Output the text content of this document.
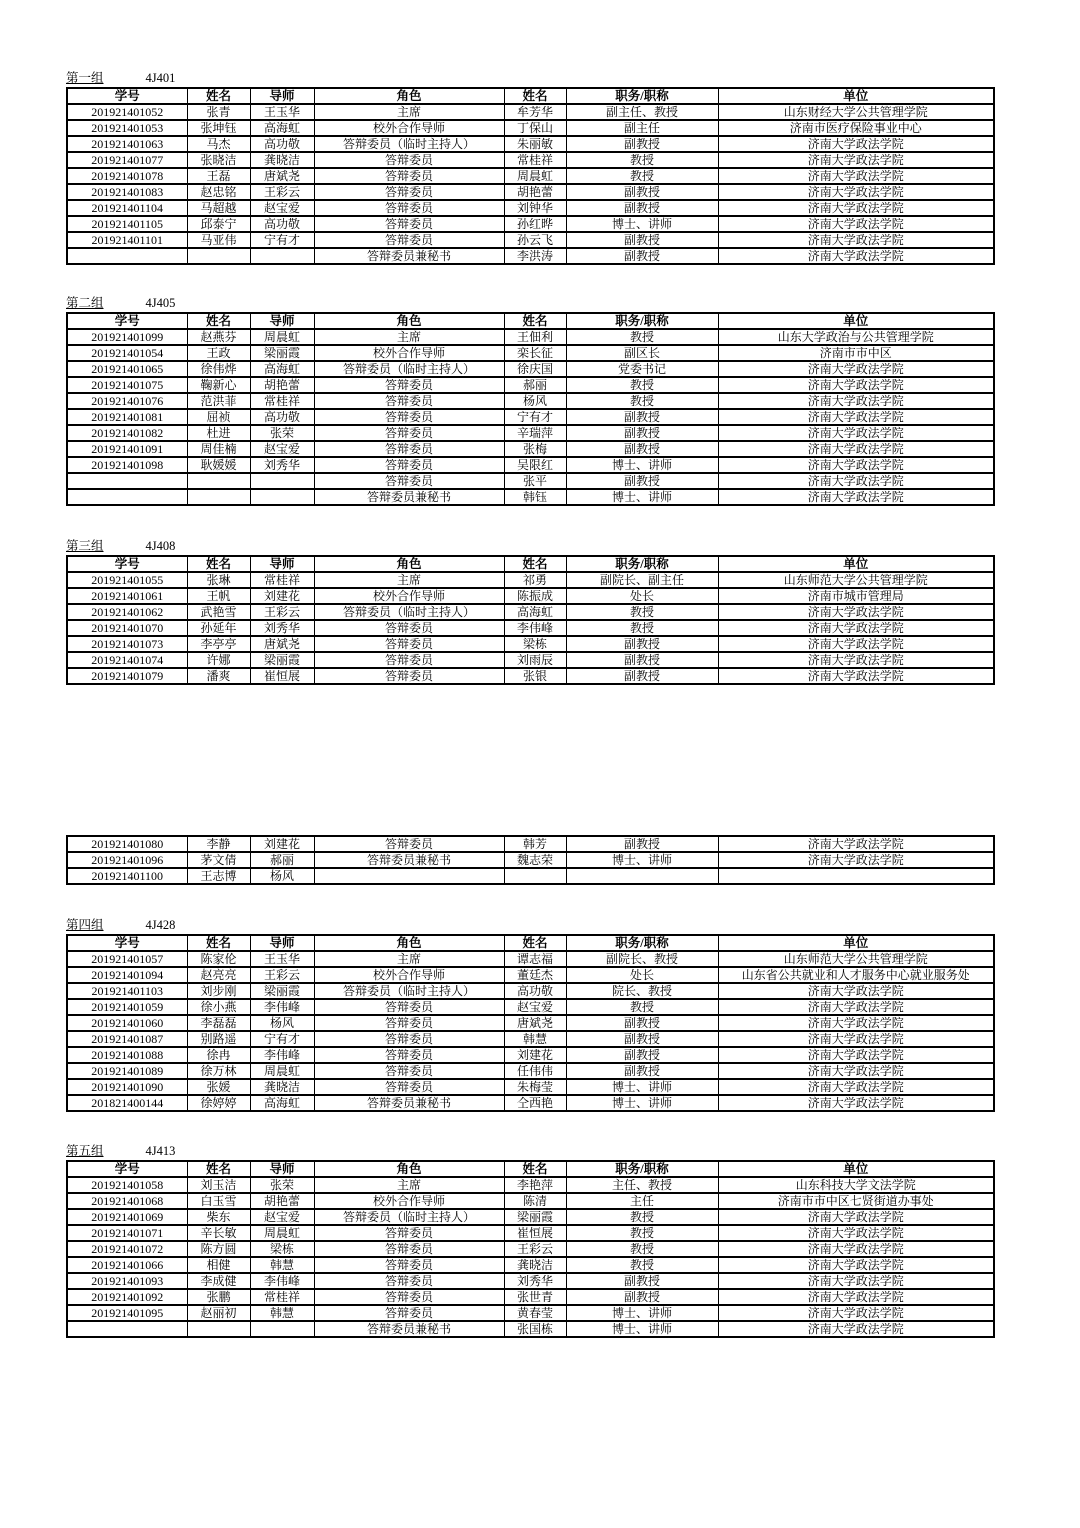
第一组	4J401

学号	姓名	导师	角色	姓名	职务/职称	单位
201921401052	张青	王玉华	主席	牟芳华	副主任、教授	山东财经大学公共管理学院
201921401053	张坤钰	高海虹	校外合作导师	丁保山	副主任	济南市医疗保险事业中心
201921401063	马杰	高功敬	答辩委员（临时主持人）	朱丽敏	副教授	济南大学政法学院
201921401077	张晓洁	龚晓洁	答辩委员	常桂祥	教授	济南大学政法学院
201921401078	王磊	唐斌尧	答辩委员	周晨虹	教授	济南大学政法学院
201921401083	赵忠铭	王彩云	答辩委员	胡艳蕾	副教授	济南大学政法学院
201921401104	马超越	赵宝爱	答辩委员	刘钟华	副教授	济南大学政法学院
201921401105	邱泰宁	高功敬	答辩委员	孙红晔	博士、讲师	济南大学政法学院
201921401101	马亚伟	宁有才	答辩委员	孙云飞	副教授	济南大学政法学院
			答辩委员兼秘书	李洪涛	副教授	济南大学政法学院

第二组	4J405

学号	姓名	导师	角色	姓名	职务/职称	单位
201921401099	赵燕芬	周晨虹	主席	王佃利	教授	山东大学政治与公共管理学院
201921401054	王政	梁丽霞	校外合作导师	栾长征	副区长	济南市市中区
201921401065	徐伟烨	高海虹	答辩委员（临时主持人）	徐庆国	党委书记	济南大学政法学院
201921401075	鞠新心	胡艳蕾	答辩委员	郝丽	教授	济南大学政法学院
201921401076	范洪菲	常桂祥	答辩委员	杨风	教授	济南大学政法学院
201921401081	屈祯	高功敬	答辩委员	宁有才	副教授	济南大学政法学院
201921401082	杜进	张荣	答辩委员	辛瑞萍	副教授	济南大学政法学院
201921401091	周佳楠	赵宝爱	答辩委员	张梅	副教授	济南大学政法学院
201921401098	耿媛媛	刘秀华	答辩委员	吴限红	博士、讲师	济南大学政法学院
			答辩委员	张平	副教授	济南大学政法学院
			答辩委员兼秘书	韩钰	博士、讲师	济南大学政法学院

第三组	4J408

学号	姓名	导师	角色	姓名	职务/职称	单位
201921401055	张琳	常桂祥	主席	祁勇	副院长、副主任	山东师范大学公共管理学院
201921401061	王帆	刘建花	校外合作导师	陈振成	处长	济南市城市管理局
201921401062	武艳雪	王彩云	答辩委员（临时主持人）	高海虹	教授	济南大学政法学院
201921401070	孙延年	刘秀华	答辩委员	李伟峰	教授	济南大学政法学院
201921401073	李亭亭	唐斌尧	答辩委员	梁栋	副教授	济南大学政法学院
201921401074	许娜	梁丽霞	答辩委员	刘雨辰	副教授	济南大学政法学院
201921401079	潘爽	崔恒展	答辩委员	张银	副教授	济南大学政法学院
201921401080	李静	刘建花	答辩委员	韩芳	副教授	济南大学政法学院
201921401096	茅文倩	郝丽	答辩委员兼秘书	魏志荣	博士、讲师	济南大学政法学院
201921401100	王志博	杨风				

第四组	4J428

学号	姓名	导师	角色	姓名	职务/职称	单位
201921401057	陈家伦	王玉华	主席	谭志福	副院长、教授	山东师范大学公共管理学院
201921401094	赵亮亮	王彩云	校外合作导师	董廷杰	处长	山东省公共就业和人才服务中心就业服务处
201921401103	刘步刚	梁丽霞	答辩委员（临时主持人）	高功敬	院长、教授	济南大学政法学院
201921401059	徐小燕	李伟峰	答辩委员	赵宝爱	教授	济南大学政法学院
201921401060	李磊磊	杨风	答辩委员	唐斌尧	副教授	济南大学政法学院
201921401087	别路遥	宁有才	答辩委员	韩慧	副教授	济南大学政法学院
201921401088	徐冉	李伟峰	答辩委员	刘建花	副教授	济南大学政法学院
201921401089	徐万林	周晨虹	答辩委员	任伟伟	副教授	济南大学政法学院
201921401090	张媛	龚晓洁	答辩委员	朱梅莹	博士、讲师	济南大学政法学院
201821400144	徐婷婷	高海虹	答辩委员兼秘书	仝西艳	博士、讲师	济南大学政法学院

第五组	4J413

学号	姓名	导师	角色	姓名	职务/职称	单位
201921401058	刘玉洁	张荣	主席	李艳萍	主任、教授	山东科技大学文法学院
201921401068	白玉雪	胡艳蕾	校外合作导师	陈清	主任	济南市市中区七贤街道办事处
201921401069	柴东	赵宝爱	答辩委员（临时主持人）	梁丽霞	教授	济南大学政法学院
201921401071	辛长敏	周晨虹	答辩委员	崔恒展	教授	济南大学政法学院
201921401072	陈方圆	梁栋	答辩委员	王彩云	教授	济南大学政法学院
201921401066	相健	韩慧	答辩委员	龚晓洁	教授	济南大学政法学院
201921401093	李成健	李伟峰	答辩委员	刘秀华	副教授	济南大学政法学院
201921401092	张鹏	常桂祥	答辩委员	张世青	副教授	济南大学政法学院
201921401095	赵丽初	韩慧	答辩委员	黄春莹	博士、讲师	济南大学政法学院
			答辩委员兼秘书	张国栋	博士、讲师	济南大学政法学院
